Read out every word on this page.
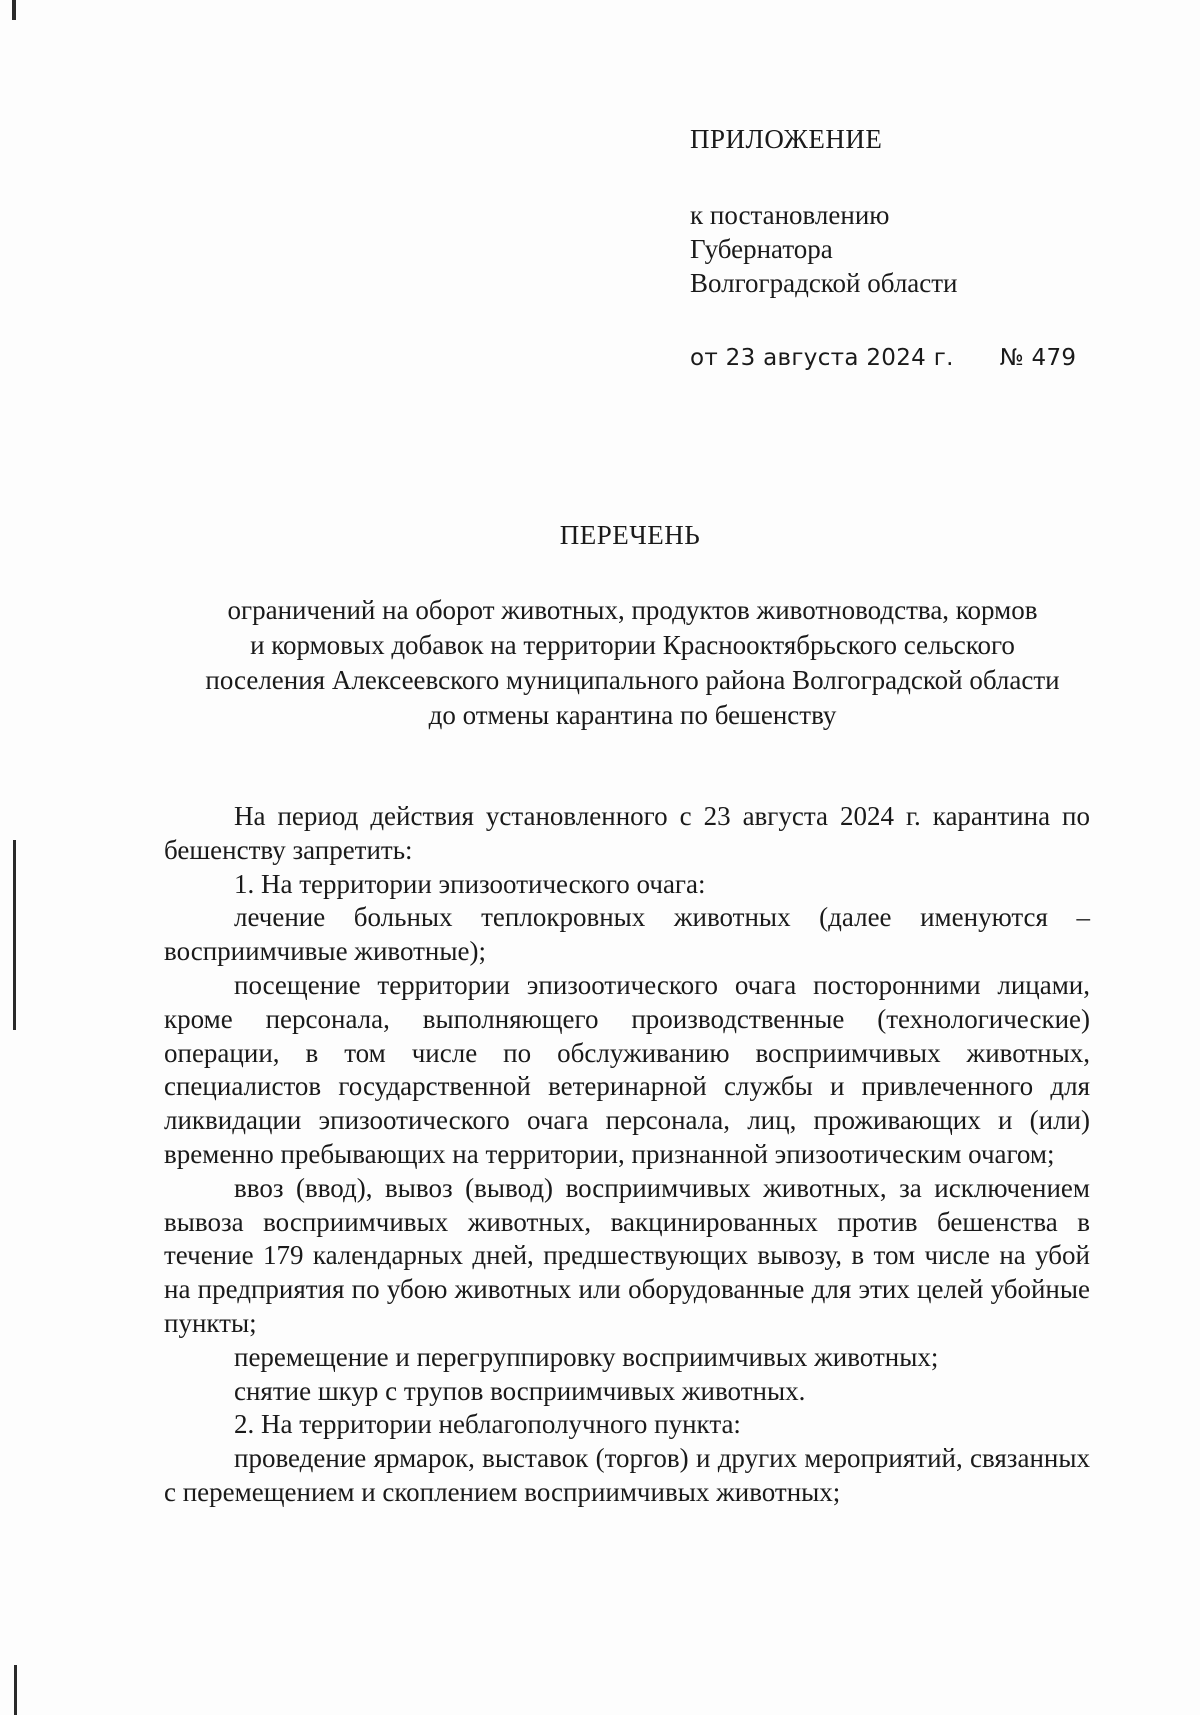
ПРИЛОЖЕНИЕ
к постановлению
Губернатора
Волгоградской области
от 23 августа 2024 г. № 479
ПЕРЕЧЕНЬ
ограничений на оборот животных, продуктов животноводства, кормов
и кормовых добавок на территории Краснооктябрьского сельского
поселения Алексеевского муниципального района Волгоградской области
до отмены карантина по бешенству

На период действия установленного с 23 августа 2024 г. карантина по бешенству запретить:

1. На территории эпизоотического очага:

лечение больных теплокровных животных (далее именуются – восприимчивые животные);

посещение территории эпизоотического очага посторонними лицами, кроме персонала, выполняющего производственные (технологические) операции, в том числе по обслуживанию восприимчивых животных, специалистов государственной ветеринарной службы и привлеченного для ликвидации эпизоотического очага персонала, лиц, проживающих и (или) временно пребывающих на территории, признанной эпизоотическим очагом;

ввоз (ввод), вывоз (вывод) восприимчивых животных, за исключением вывоза восприимчивых животных, вакцинированных против бешенства в течение 179 календарных дней, предшествующих вывозу, в том числе на убой на предприятия по убою животных или оборудованные для этих целей убойные пункты;

перемещение и перегруппировку восприимчивых животных;

снятие шкур с трупов восприимчивых животных.

2. На территории неблагополучного пункта:

проведение ярмарок, выставок (торгов) и других мероприятий, связанных с перемещением и скоплением восприимчивых животных;
